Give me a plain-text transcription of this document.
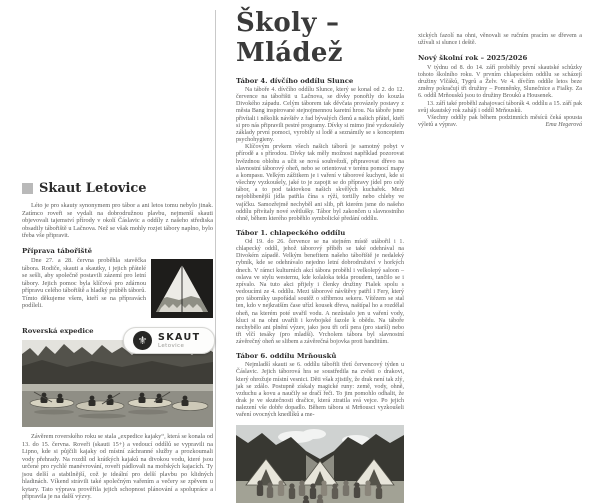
Skaut Letovice

Léto je pro skauty synonymem pro tábor a ani letos tomu nebylo jinak. Zatímco roveři se vydali na dobrodružnou plavbu, nejmenší skauti objevovali tajemství přírody v okolí Čáslavic a oddíly z našeho střediska obsadily tábořiště u Lačnova. Než se však mohly rozjet tábory naplno, bylo třeba vše připravit.

Příprava tábořiště

Dne 27. a 28. června proběhla stavěčka tábora. Rodiče, skauti a skautky, i jejich přátelé se sešli, aby společně postavili zázemí pro letní tábory. Jejich pomoc byla klíčová pro zdárnou přípravu celého tábořiště a hladký průběh táborů. Tímto děkujeme všem, kteří se na přípravách podíleli.

Roverská expedice
⚜	SKAUT
Letovice

Závěrem roverského roku se stala „expedice kajaky“, která se konala od 13. do 15. června. Roveři (skauti 15+) a vedoucí oddílů se vypravili na Lipno, kde si půjčili kajaky od místní záchranné služby a prozkoumali vody přehrady. Na rozdíl od krátkých kajaků na divokou vodu, které jsou určené pro rychlé manévrování, roveři pádlovali na mořských kajacích. Ty jsou delší a stabilnější, což je ideální pro delší plavbu po klidných hladinách. Víkend strávili také společným vařením a večery se zpěvem u kytary. Tato výprava prověřila jejich schopnost plánování a spolupráce a připravila je na další výzvy.

Školy – Mládež
Tábor 4. dívčího oddílu Slunce

Na táboře 4. dívčího oddílu Slunce, který se konal od 2. do 12. července na tábořišti u Lačnova, se dívky ponořily do kouzla Divokého západu. Celým táborem tak děvčata provázely postavy z města Bang inspirované stejnojmennou karetní hrou. Na táboře jsme přivítali i několik návštěv z řad bývalých členů a našich přátel, kteří si pro nás připravili pestré programy. Dívky si mimo jiné vyzkoušely základy první pomoci, vyrobily si lodě a seznámily se s konceptem psychohygieny.

Klíčovým prvkem všech našich táborů je samotný pobyt v přírodě a s přírodou. Dívky tak měly možnost například pozorovat hvězdnou oblohu a učit se nová souhvězdí, připravovat dřevo na slavnostní táborový oheň, nebo se orientovat v terénu pomocí mapy a kompasu. Velkým zážitkem je i vaření v táborové kuchyni, kde si všechny vyzkoušely, jaké to je zapojit se do přípravy jídel pro celý tábor, a to pod taktovkou našich skvělých kuchařek. Mezi nejoblíbenější jídla patřila čína s rýží, tortilly nebo chleby ve vajíčku. Samozřejmě nechyběl ani slib, při kterém jsme do našeho oddílu přivítaly nové světlušky. Tábor byl zakončen u slavnostního ohně, během kterého proběhlo symbolické předání oddílu.

Tábor 1. chlapeckého oddílu

Od 19. do 26. července se na stejném místě utábořil i 1. chlapecký oddíl, jehož táborový příběh se také odehrával na Divokém západě. Velkým benefitem našeho tábořiště je nedaleký rybník, kde se odehrávalo nejedno letní dobrodružství v horkých dnech. V rámci kulturních akcí tábora proběhl i velkolepý saloon – oslava ve stylu westernu, kde kolaloka tekla proudem, tančilo se i zpívalo. Na tuto akci přijely i členky družiny Fialek spolu s vedoucími ze 4. oddílu. Mezi táborové návštěvy patřil i Fery, který pro táborníky uspořádal soutěž o stříbrnou sekeru. Vítězem se stal ten, kdo v nejkratším čase uřízl kousek dřeva, naštípal ho a rozdělal oheň, na kterém poté uvařil vodu. A nezůstalo jen u vaření vody, kluci si na ohni uvařili i kovbojské fazole k obědu. Na táboře nechybělo ani plnění výzev, jako jsou tři orlí pera (pro starší) nebo tři vlčí tesáky (pro mladší). Vrcholem tábora byl slavnostní závěrečný oheň se slibem a závěrečná bojovka proti banditům.

Tábor 6. oddílu Mrňousků

Nejmladší skauti se 6. oddílu tábořili třetí červencový týden u Čáslavic. Jejich táborová hra se soustředila na zvěsti o drakovi, který ohrožuje místní vesnici. Děti však zjistily, že drak není tak zlý, jak se zdálo. Postupně získaly magické runy: země, vody, ohně, vzduchu a kovu a naučily se dračí řeči. To jim pomohlo odhalit, že drak je ve skutečnosti dračice, která ztratila svá vejce. Po jejich nalezení vše dobře dopadlo. Během tábora si Mrňousci vyzkoušeli vaření ovocných knedlíků a me-

xických fazolí na ohni, věnovali se ručním pracím se dřevem a užívali si slunce i deště.

Nový školní rok – 2025/2026

V týdnu od 8. do 14. září proběhly první skautské schůzky tohoto školního roku. V prvním chlapeckém oddílu se scházejí družiny Vlčáků, Tygrů a Želv. Ve 4. dívčím oddíle letos beze změny pokračují tři družiny – Pomněnky, Slunečnice a Fialky. Za 6. oddíl Mrňousků jsou to družiny Brouků a Housenek.

13. září také proběhl zahajovací táborák 4. oddílu a 15. září pak svůj skautský rok zahájí i oddíl Mrňousků.

Všechny oddíly pak během podzimních měsíců čeká spousta výletů a výprav.	Ema Hegerová
